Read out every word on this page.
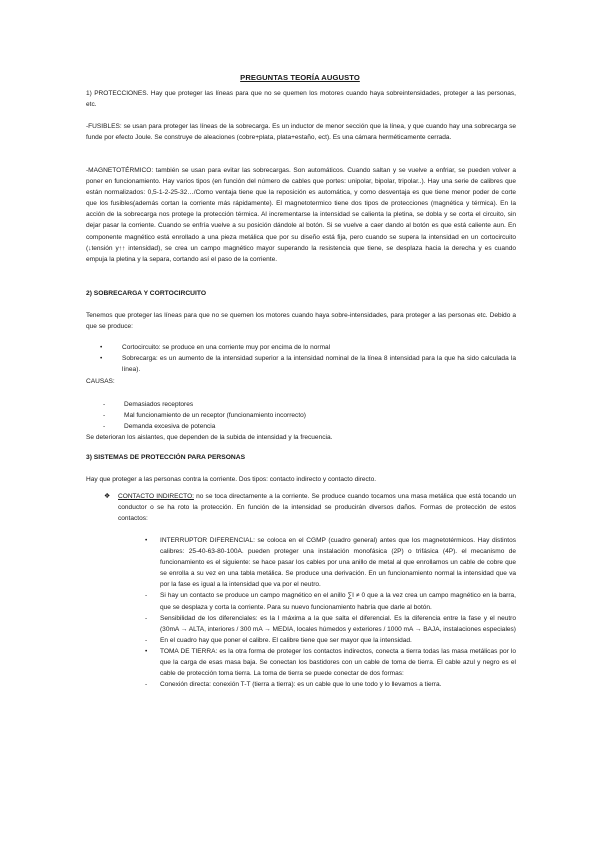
PREGUNTAS TEORÍA AUGUSTO

1) PROTECCIONES. Hay que proteger las líneas para que no se quemen los motores cuando haya sobreintensidades, proteger a las personas, etc.

-FUSIBLES: se usan para proteger las líneas de la sobrecarga. Es un inductor de menor sección que la línea, y que cuando hay una sobrecarga se funde por efecto Joule. Se construye de aleaciones (cobre+plata, plata+estaño, ect). Es una cámara herméticamente cerrada.

-MAGNETOTÉRMICO: también se usan para evitar las sobrecargas. Son automáticos. Cuando saltan y se vuelve a enfriar, se pueden volver a poner en funcionamiento. Hay varios tipos (en función del número de cables que portes: unipolar, bipolar, tripolar..). Hay una serie de calibres que están normalizados: 0,5-1-2-25-32…/Como ventaja tiene que la reposición es automática, y como desventaja es que tiene menor poder de corte que los fusibles(además cortan la corriente más rápidamente). El magnetotermico tiene dos tipos de protecciones (magnética y térmica). En la acción de la sobrecarga nos protege la protección térmica. Al incrementarse la intensidad se calienta la pletina, se dobla y se corta el circuito, sin dejar pasar la corriente. Cuando se enfría vuelve a su posición dándole al botón. Si se vuelve a caer dando al botón es que está caliente aun. En componente magnético está enrollado a una pieza metálica que por su diseño está fija, pero cuando se supera la intensidad en un cortocircuito (↓tensión y↑↑ intensidad), se crea un campo magnético mayor superando la resistencia que tiene, se desplaza hacia la derecha y es cuando empuja la pletina y la separa, cortando así el paso de la corriente.

2) SOBRECARGA Y CORTOCIRCUITO

Tenemos que proteger las líneas para que no se quemen los motores cuando haya sobre-intensidades, para proteger a las personas etc. Debido a que se produce:

•	Cortocircuito: se produce en una corriente muy por encima de lo normal
•	Sobrecarga: es un aumento de la intensidad superior a la intensidad nominal de la línea 8 intensidad para la que ha sido calculada la línea).
CAUSAS:
-	Demasiados receptores
-	Mal funcionamiento de un receptor (funcionamiento incorrecto)
-	Demanda excesiva de potencia

Se deterioran los aislantes, que dependen de la subida de intensidad y la frecuencia.

3) SISTEMAS DE PROTECCIÓN PARA PERSONAS

Hay que proteger a las personas contra la corriente. Dos tipos: contacto indirecto y contacto directo.

❖ CONTACTO INDIRECTO: no se toca directamente a la corriente. Se produce cuando tocamos una masa metálica que está tocando un conductor o se ha roto la protección. En función de la intensidad se producirán diversos daños. Formas de protección de estos contactos:

• INTERRUPTOR DIFERENCIAL: se coloca en el CGMP (cuadro general) antes que los magnetotérmicos. Hay distintos calibres: 25-40-63-80-100A. pueden proteger una instalación monofásica (2P) o trifásica (4P). el mecanismo de funcionamiento es el siguiente: se hace pasar los cables por una anillo de metal al que enrollamos un cable de cobre que se enrolla a su vez en una tabla metálica. Se produce una derivación. En un funcionamiento normal la intensidad que va por la fase es igual a la intensidad que va por el neutro.
- Si hay un contacto se produce un campo magnético en el anillo ∑I ≠ 0 que a la vez crea un campo magnético en la barra, que se desplaza y corta la corriente. Para su nuevo funcionamiento habría que darle al botón.
- Sensibilidad de los diferenciales: es la I máxima a la que salta el diferencial. Es la diferencia entre la fase y el neutro (30mA → ALTA, interiores / 300 mA → MEDIA, locales húmedos y exteriores / 1000 mA → BAJA, instalaciones especiales)
- En el cuadro hay que poner el calibre. El calibre tiene que ser mayor que la intensidad.
• TOMA DE TIERRA: es la otra forma de proteger los contactos indirectos, conecta a tierra todas las masa metálicas por lo que la carga de esas masa baja. Se conectan los bastidores con un cable de toma de tierra. El cable azul y negro es el cable de protección toma tierra. La toma de tierra se puede conectar de dos formas:
- Conexión directa: conexión T-T (tierra a tierra): es un cable que lo une todo y lo llevamos a tierra.
